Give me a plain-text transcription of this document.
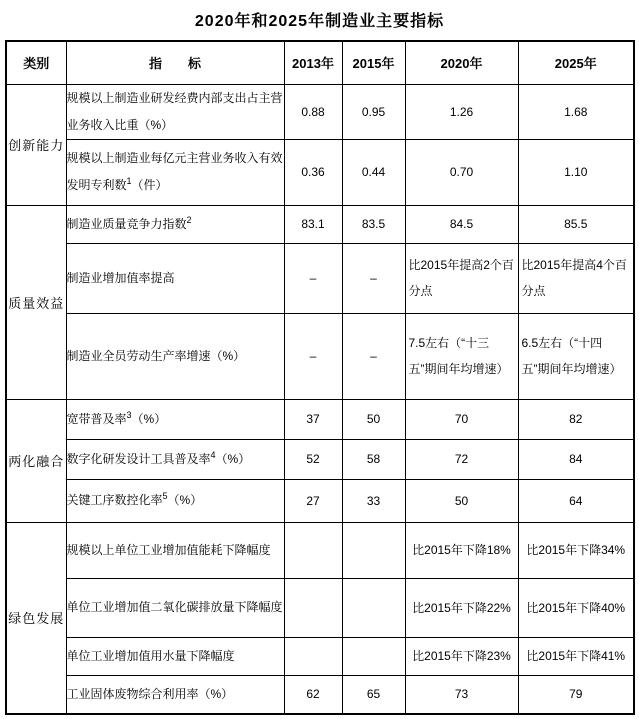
2020年和2025年制造业主要指标
类别	指　　标	2013年	2015年	2020年	2025年
创新能力	规模以上制造业研发经费内部支出占主营业务收入比重（%）	0.88	0.95	1.26	1.68
	规模以上制造业每亿元主营业务收入有效发明专利数$^1$（件）	0.36	0.44	0.70	1.10
质量效益	制造业质量竞争力指数$^2$	83.1	83.5	84.5	85.5
	制造业增加值率提高	–	–	比2015年提高2个百分点	比2015年提高4个百分点
	制造业全员劳动生产率增速（%）	–	–	7.5左右（“十三五”期间年均增速）	6.5左右（“十四五”期间年均增速）
两化融合	宽带普及率$^3$（%）	37	50	70	82
	数字化研发设计工具普及率$^4$（%）	52	58	72	84
	关键工序数控化率$^5$（%）	27	33	50	64
绿色发展	规模以上单位工业增加值能耗下降幅度			比2015年下降18%	比2015年下降34%
	单位工业增加值二氧化碳排放量下降幅度			比2015年下降22%	比2015年下降40%
	单位工业增加值用水量下降幅度			比2015年下降23%	比2015年下降41%
	工业固体废物综合利用率（%）	62	65	73	79
